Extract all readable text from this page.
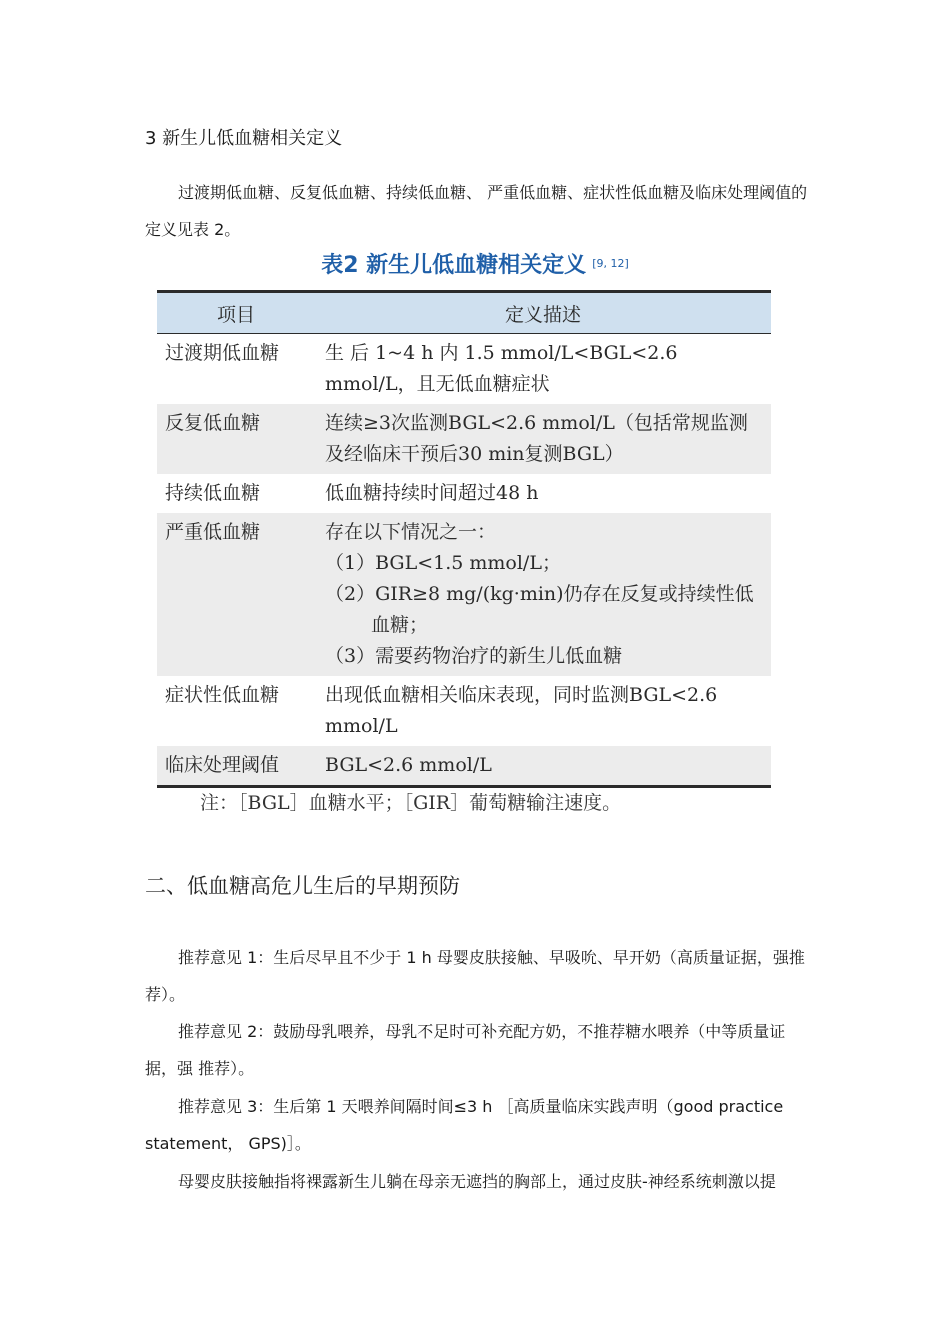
3 新生儿低血糖相关定义
过渡期低血糖、反复低血糖、持续低血糖、 严重低血糖、症状性低血糖及临床处理阈值的定义见表 2。
表2 新生儿低血糖相关定义 [9, 12]
项目	定义描述
过渡期低血糖	生 后 1~4 h 内 1.5 mmol/L<BGL<2.6 mmol/L，且无低血糖症状
反复低血糖	连续≥3次监测BGL<2.6 mmol/L（包括常规监测及经临床干预后30 min复测BGL）
持续低血糖	低血糖持续时间超过48 h
严重低血糖	存在以下情况之一：
（1）BGL<1.5 mmol/L；
（2）GIR≥8 mg/(kg·min)仍存在反复或持续性低血糖；
（3）需要药物治疗的新生儿低血糖

症状性低血糖	出现低血糖相关临床表现，同时监测BGL<2.6 mmol/L
临床处理阈值	BGL<2.6 mmol/L
注：［BGL］血糖水平；［GIR］葡萄糖输注速度。
二、低血糖高危儿生后的早期预防
推荐意见 1：生后尽早且不少于 1 h 母婴皮肤接触、早吸吮、早开奶（高质量证据，强推荐）。
推荐意见 2：鼓励母乳喂养，母乳不足时可补充配方奶，不推荐糖水喂养（中等质量证据，强 推荐）。
推荐意见 3：生后第 1 天喂养间隔时间≤3 h ［高质量临床实践声明（good practice statement， GPS)］。
母婴皮肤接触指将裸露新生儿躺在母亲无遮挡的胸部上，通过皮肤-神经系统刺激以提
